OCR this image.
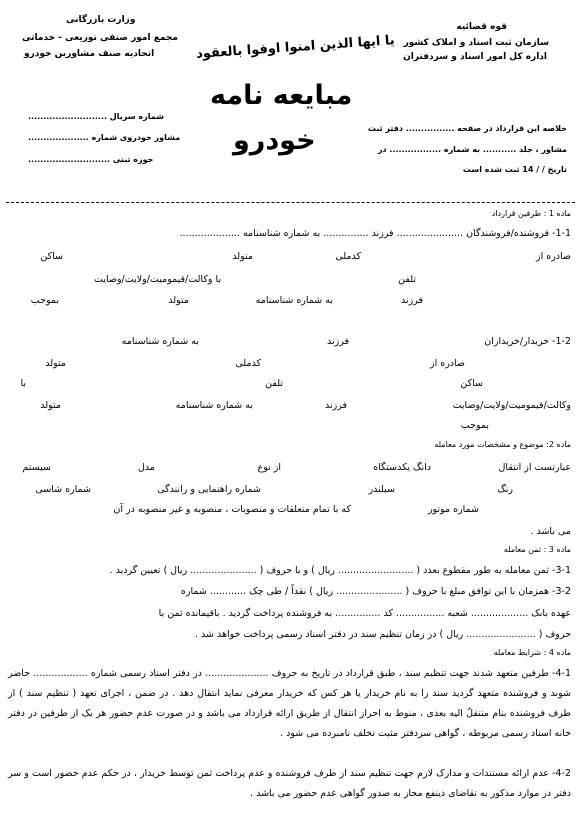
قوه قضائیه
سازمان ثبت اسناد و املاک کشور
اداره کل امور اسناد و سردفتران
وزارت بازرگانی
مجمع امور صنفی توزیعی - خدماتی
اتحادیه صنف مشاورین خودرو	یا ایها الذین امنوا اوفوا بالعقود
مبایعه نامه
خودرو
شماره سریال ..........................
مشاور خودروی شماره ....................
حوزه ثبتی ...........................
خلاصه این قرارداد در صفحه ................ دفتر ثبت
مشاور ، جلد ........... به شماره ................. در
تاریخ / / 14 ثبت شده است
ماده 1 : طرفین قرارداد
1-1- فروشنده/فروشندگان ...................... فرزند ............... به شماره شناسنامه ....................
صادره از
کدملی
متولد
ساکن
تلفن
با وکالت/قیمومیت/ولایت/وصایت
فرزند
به شماره شناسنامه
متولد
بموجب
1-2- خریدار/خریداران
فرزند
به شماره شناسنامه
صادره از
کدملی
متولد
ساکن
تلفن
با
وکالت/قیمومیت/ولایت/وصایت
فرزند
به شماره شناسنامه
متولد
بموجب
ماده 2: موضوع و مشخصات مورد معامله
عبارتست از انتقال
دانگ یکدستگاه
از نوع
مدل
سیستم
رنگ
سیلندر
شماره راهنمایی و رانندگی
شماره شاسی
شماره موتور
که با تمام متعلقات و منصوبات ، منصوبه و غیر منصوبه در آن
می باشد .
ماده 3 : ثمن معامله
3-1- ثمن معامله به طور مقطوع بعدد ( ......................... ریال ) و با حروف ( ...................... ریال ) تعیین گردید .
3-2- همزمان با این توافق مبلغ با حروف ( ...................... ریال ) نقداً / طی چک ............ شماره
عهده بانک ................... شعبه ................ کد ............... به فروشنده پرداخت گردید . باقیمانده ثمن با
حروف ( ....................... ریال ) در زمان تنظیم سند در دفتر اسناد رسمی پرداخت خواهد شد .
ماده 4 : شرایط معامله
4-1- طرفین متعهد شدند جهت تنظیم سند ، طبق قرارداد در تاریخ به حروف ..................... در دفتر اسناد رسمی شماره .................. حاضر شوند و فروشنده متعهد گردید سند را به نام خریدار یا هر کس که خریدار معرفی نماید انتقال دهد . در ضمن ، اجرای تعهد ( تنظیم سند ) از طرف فروشنده بنام منتقلٌ الیه بعدی ، منوط به احراز انتقال از طریق ارائه قرارداد می باشد و در صورت عدم حضور هر یک از طرفین در دفتر خانه اسناد رسمی مربوطه ، گواهی سردفتر مثبت تخلف نامبرده می شود .
4-2- عدم ارائه مستندات و مدارک لازم جهت تنظیم سند از طرف فروشنده و عدم پرداخت ثمن توسط خریدار ، در حکم عدم حضور است و سر دفتر در موارد مذکور به تقاضای ذینفع مجاز به صدور گواهی عدم حضور می باشد .
